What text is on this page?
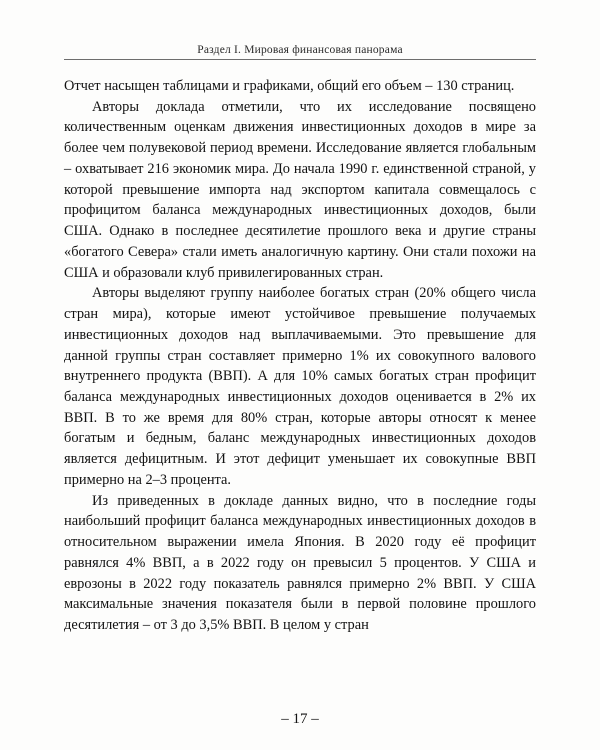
Раздел I. Мировая финансовая панорама

Отчет насыщен таблицами и графиками, общий его объем – 130 страниц.

Авторы доклада отметили, что их исследование посвящено количественным оценкам движения инвестиционных доходов в мире за более чем полувековой период времени. Исследование является глобальным – охватывает 216 экономик мира. До начала 1990 г. единственной страной, у которой превышение импорта над экспортом капитала совмещалось с профицитом баланса международных инвестиционных доходов, были США. Однако в последнее десятилетие прошлого века и другие страны «богатого Севера» стали иметь аналогичную картину. Они стали похожи на США и образовали клуб привилегированных стран.

Авторы выделяют группу наиболее богатых стран (20% общего числа стран мира), которые имеют устойчивое превышение получаемых инвестиционных доходов над выплачиваемыми. Это превышение для данной группы стран составляет примерно 1% их совокупного валового внутреннего продукта (ВВП). А для 10% самых богатых стран профицит баланса международных инвестиционных доходов оценивается в 2% их ВВП. В то же время для 80% стран, которые авторы относят к менее богатым и бедным, баланс международных инвестиционных доходов является дефицитным. И этот дефицит уменьшает их совокупные ВВП примерно на 2–3 процента.

Из приведенных в докладе данных видно, что в последние годы наибольший профицит баланса международных инвестиционных доходов в относительном выражении имела Япония. В 2020 году её профицит равнялся 4% ВВП, а в 2022 году он превысил 5 процентов. У США и еврозоны в 2022 году показатель равнялся примерно 2% ВВП. У США максимальные значения показателя были в первой половине прошлого десятилетия – от 3 до 3,5% ВВП. В целом у стран

– 17 –
